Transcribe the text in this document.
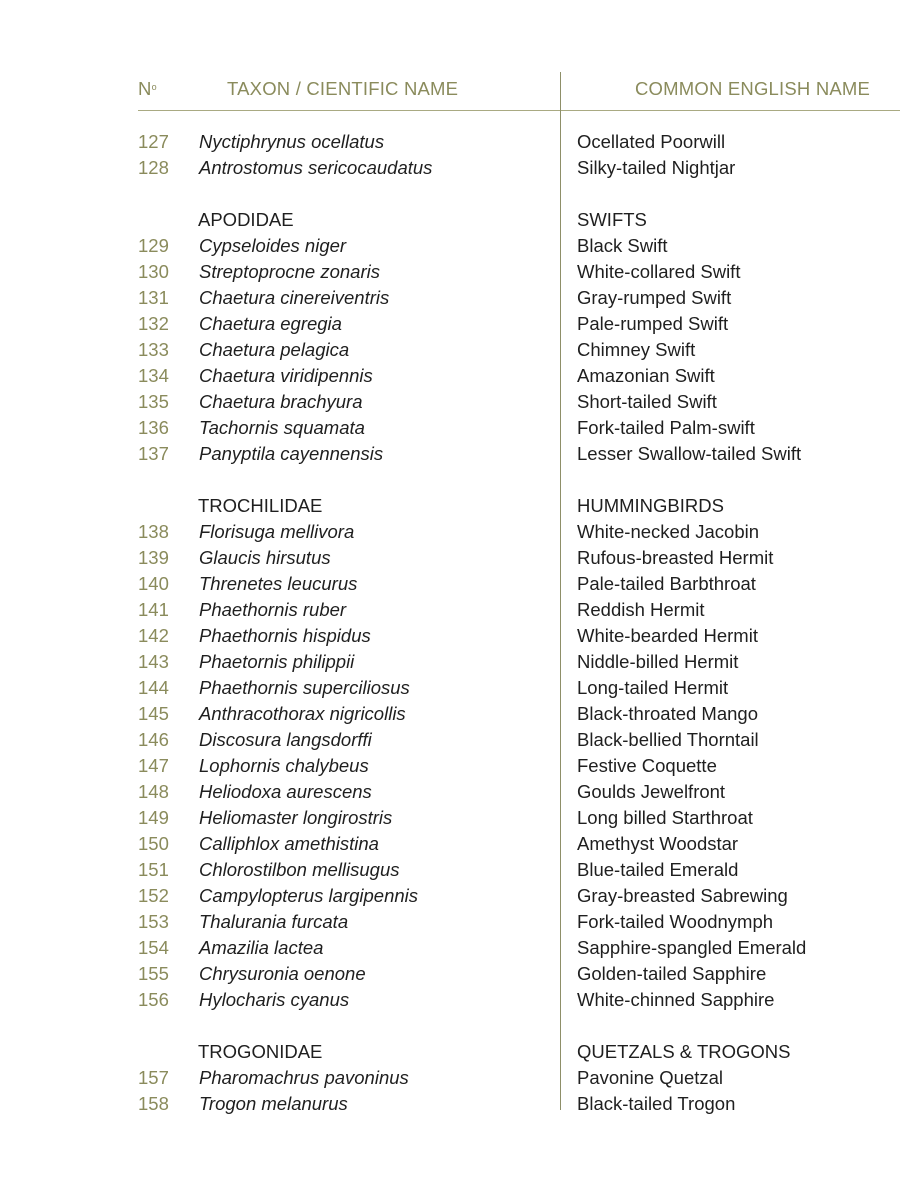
$N^o$	TAXON / CIENTIFIC NAME	COMMON ENGLISH NAME
127	Nyctiphrynus ocellatus	Ocellated Poorwill
128	Antrostomus sericocaudatus	Silky-tailed Nightjar
APODIDAE	SWIFTS
129	Cypseloides niger	Black Swift
130	Streptoprocne zonaris	White-collared Swift
131	Chaetura cinereiventris	Gray-rumped Swift
132	Chaetura egregia	Pale-rumped Swift
133	Chaetura pelagica	Chimney Swift
134	Chaetura viridipennis	Amazonian Swift
135	Chaetura brachyura	Short-tailed Swift
136	Tachornis squamata	Fork-tailed Palm-swift
137	Panyptila cayennensis	Lesser Swallow-tailed Swift
TROCHILIDAE	HUMMINGBIRDS
138	Florisuga mellivora	White-necked Jacobin
139	Glaucis hirsutus	Rufous-breasted Hermit
140	Threnetes leucurus	Pale-tailed Barbthroat
141	Phaethornis ruber	Reddish Hermit
142	Phaethornis hispidus	White-bearded Hermit
143	Phaetornis philippii	Niddle-billed Hermit
144	Phaethornis superciliosus	Long-tailed Hermit
145	Anthracothorax nigricollis	Black-throated Mango
146	Discosura langsdorffi	Black-bellied Thorntail
147	Lophornis chalybeus	Festive Coquette
148	Heliodoxa aurescens	Goulds Jewelfront
149	Heliomaster longirostris	Long billed Starthroat
150	Calliphlox amethistina	Amethyst Woodstar
151	Chlorostilbon mellisugus	Blue-tailed Emerald
152	Campylopterus largipennis	Gray-breasted Sabrewing
153	Thalurania furcata	Fork-tailed Woodnymph
154	Amazilia lactea	Sapphire-spangled Emerald
155	Chrysuronia oenone	Golden-tailed Sapphire
156	Hylocharis cyanus	White-chinned Sapphire
TROGONIDAE	QUETZALS & TROGONS
157	Pharomachrus pavoninus	Pavonine Quetzal
158	Trogon melanurus	Black-tailed Trogon
